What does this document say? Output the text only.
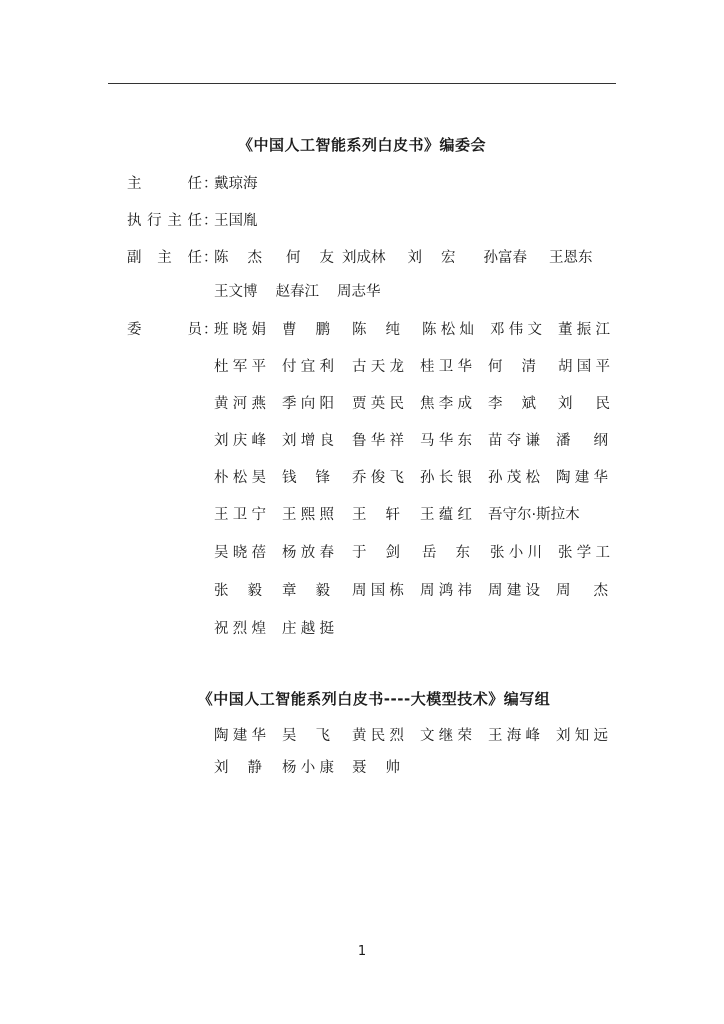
《中国人工智能系列白皮书》编委会
主任 ：
戴琼海
执行主任 ：
王国胤
副主任 ：
陈杰 何友 刘成林 刘宏 孙富春 王恩东
王文博 赵春江 周志华
委员 ：
班晓娟 曹鹏 陈纯 陈松灿 邓伟文 董振江
杜军平 付宜利 古天龙 桂卫华 何清 胡国平
黄河燕 季向阳 贾英民 焦李成 李斌 刘民
刘庆峰 刘增良 鲁华祥 马华东 苗夺谦 潘纲
朴松昊 钱锋 乔俊飞 孙长银 孙茂松 陶建华
王卫宁 王熙照 王轩 王蕴红 吾守尔·斯拉木
吴晓蓓 杨放春 于剑 岳东 张小川 张学工
张毅 章毅 周国栋 周鸿祎 周建设 周杰
祝烈煌 庄越挺
《中国人工智能系列白皮书----大模型技术》编写组
陶建华 吴飞 黄民烈 文继荣 王海峰 刘知远
刘静 杨小康 聂帅
1
